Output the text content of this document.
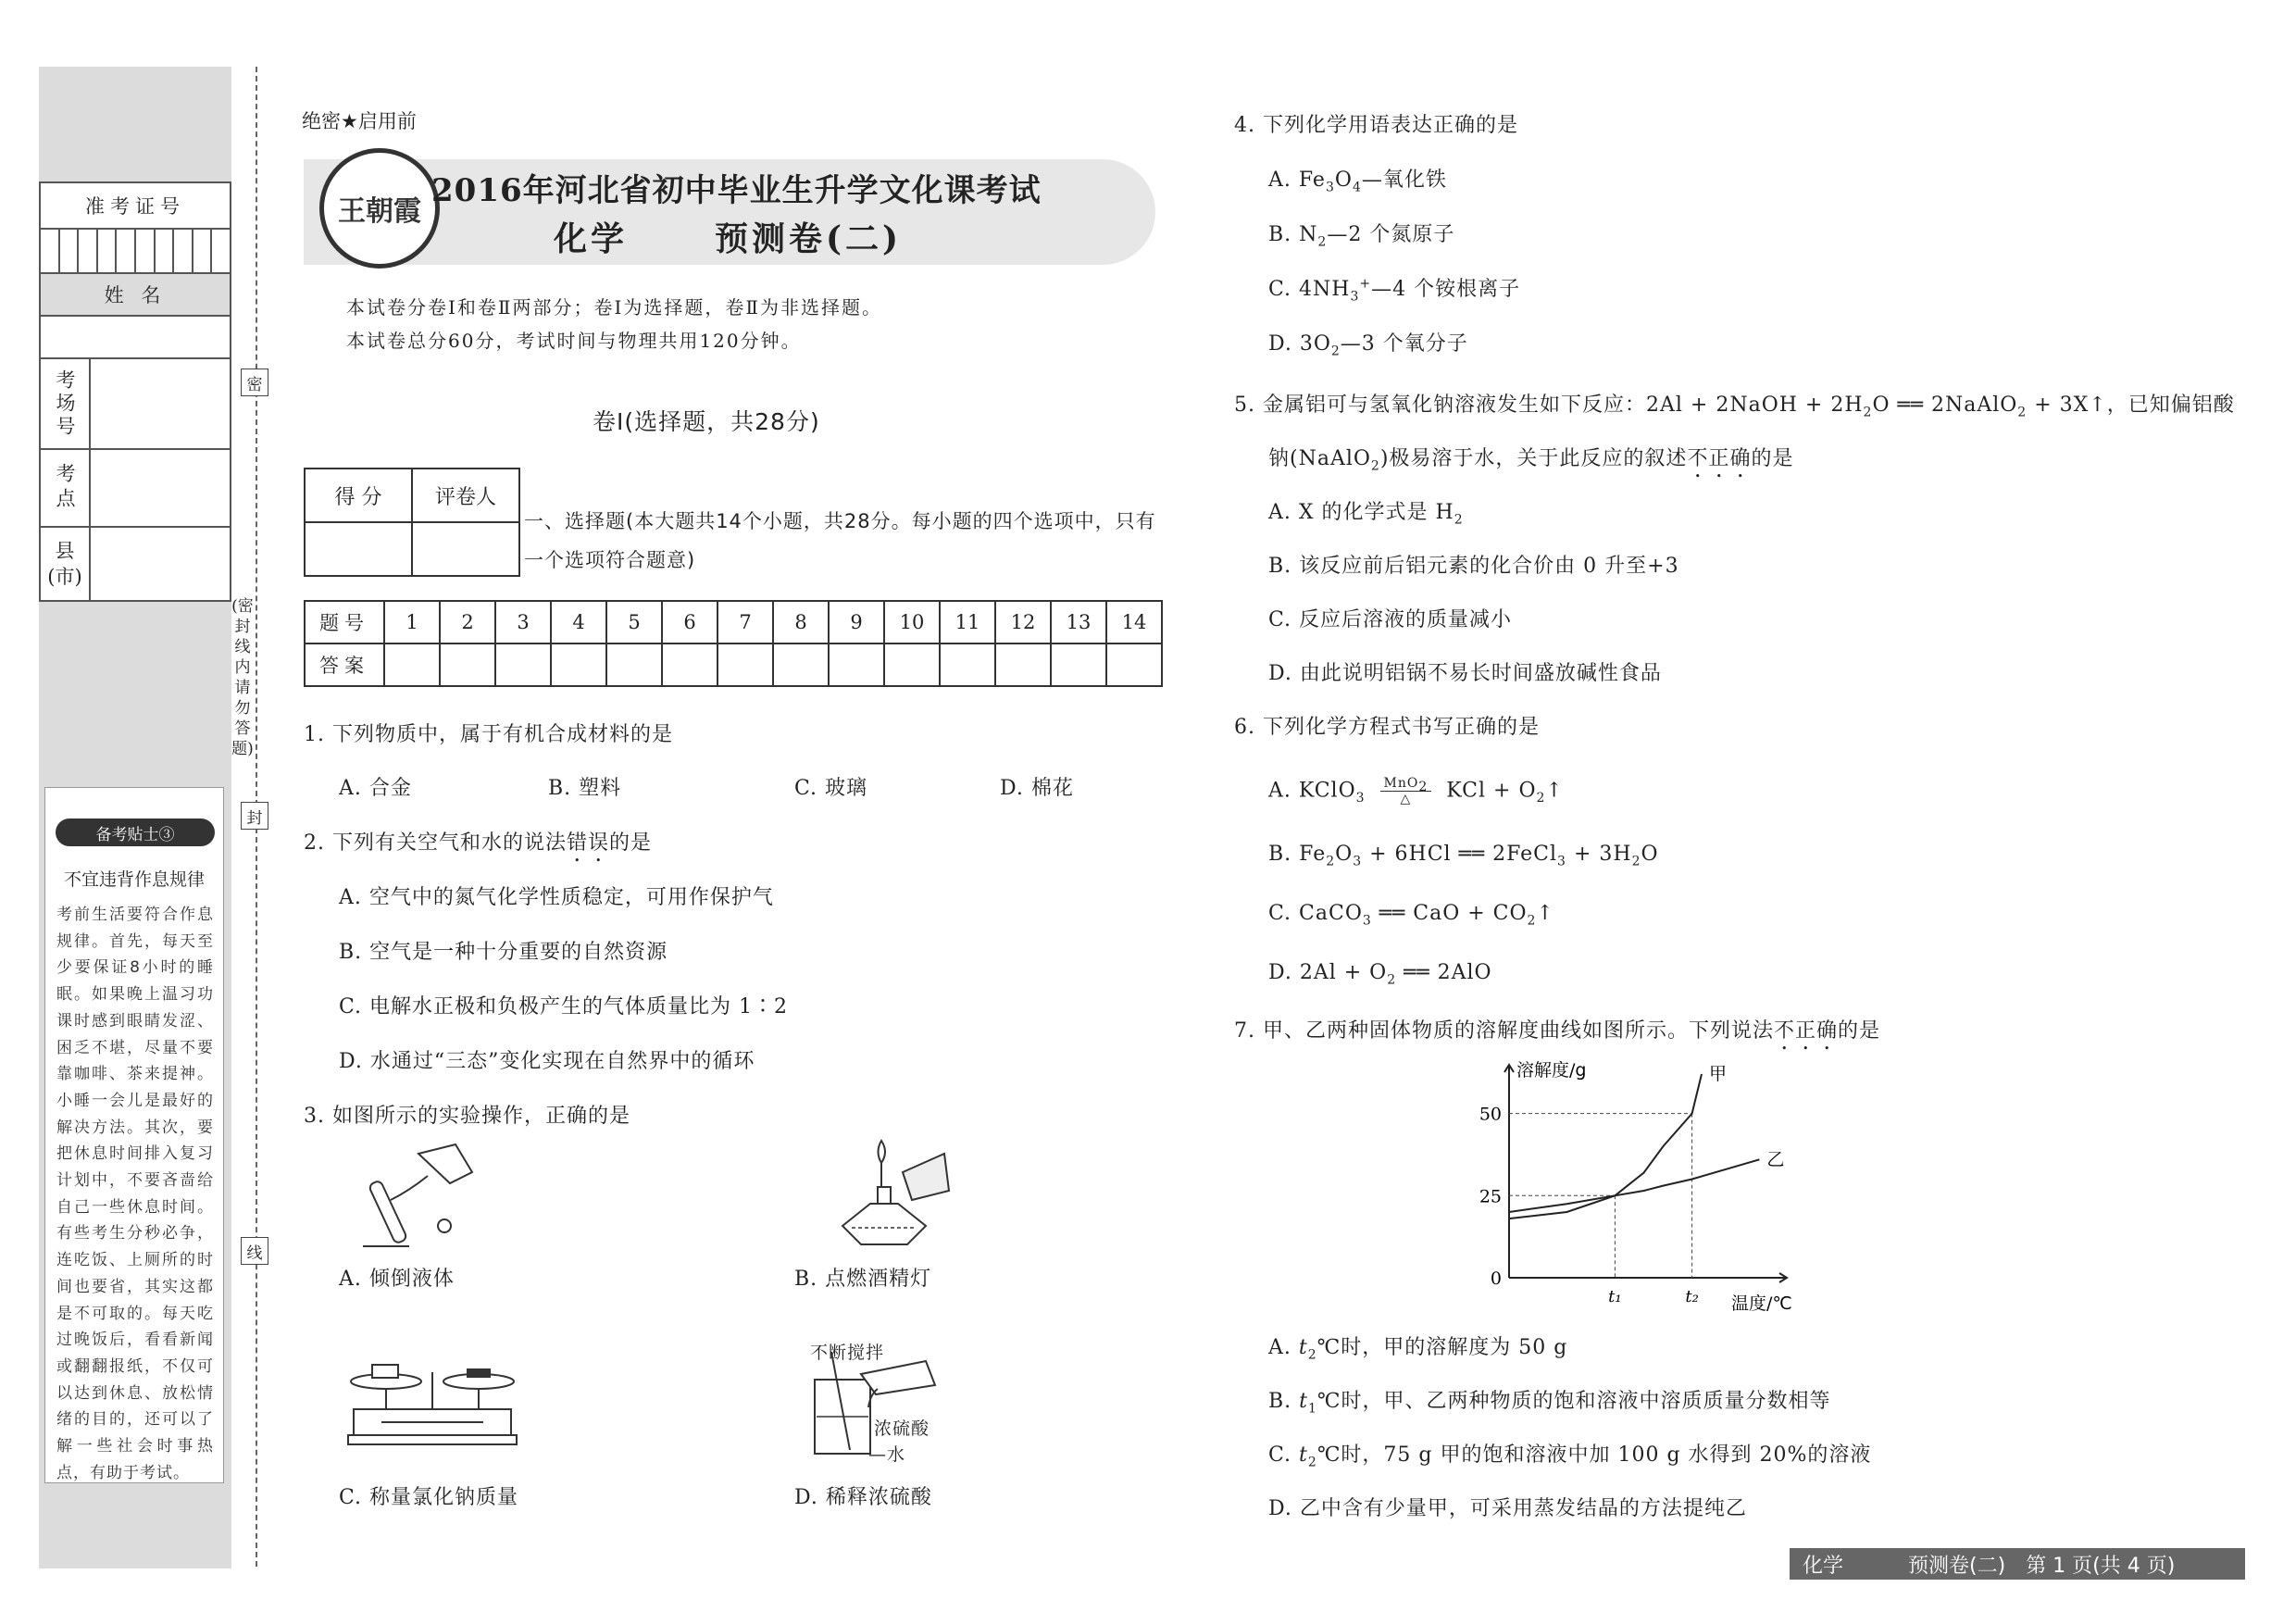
准考证号
姓 名
考场号
考点
县(市)
不宜违背作息规律
考前生活要符合作息规律。首先，每天至少要保证8小时的睡眠。如果晚上温习功课时感到眼睛发涩、困乏不堪，尽量不要靠咖啡、茶来提神。小睡一会儿是最好的解决方法。其次，要把休息时间排入复习计划中，不要吝啬给自己一些休息时间。有些考生分秒必争，连吃饭、上厕所的时间也要省，其实这都是不可取的。每天吃过晚饭后，看看新闻或翻翻报纸，不仅可以达到休息、放松情绪的目的，还可以了解一些社会时事热点，有助于考试。
备考贴士③
密
封
线
(密封线内请勿答题)
绝密★启用前
王朝霞
2016年河北省初中毕业生升学文化课考试
化学	预测卷(二)
本试卷分卷Ⅰ和卷Ⅱ两部分；卷Ⅰ为选择题，卷Ⅱ为非选择题。
本试卷总分60分，考试时间与物理共用120分钟。
卷Ⅰ(选择题，共28分)
得 分	评卷人

一、选择题(本大题共14个小题，共28分。每小题的四个选项中，只有一个选项符合题意)
题号	1	2	3	4	5	6	7	8	9	10	11	12	13	14
答案														
1. 下列物质中，属于有机合成材料的是
A. 合金	B. 塑料	C. 玻璃	D. 棉花
2. 下列有关空气和水的说法错误的是
A. 空气中的氮气化学性质稳定，可用作保护气
B. 空气是一种十分重要的自然资源
C. 电解水正极和负极产生的气体质量比为 1∶2
D. 水通过“三态”变化实现在自然界中的循环
3. 如图所示的实验操作，正确的是
A. 倾倒液体	B. 点燃酒精灯
不断搅拌
浓硫酸
—水
C. 称量氯化钠质量	D. 稀释浓硫酸
4. 下列化学用语表达正确的是
A. $Fe_3O_4—$氧化铁
B. $N_2—2$ 个氮原子
C. $4NH_3^+—4$ 个铵根离子
D. $3O_2—3$ 个氧分子
5. 金属铝可与氢氧化钠溶液发生如下反应：2Al + 2NaOH + $2H_2O$ ══ 2NaAlO$_2$ + 3X↑，已知偏铝酸
钠(NaAlO$_2$)极易溶于水，关于此反应的叙述不正确的是
A. X 的化学式是 $H_2$
B. 该反应前后铝元素的化合价由 0 升至+3
C. 反应后溶液的质量减小
D. 由此说明铝锅不易长时间盛放碱性食品
6. 下列化学方程式书写正确的是
A. KClO$_3$
MnO$_2$
△	KCl + $O_2↑$
B. $Fe_2O_3 + 6HCl$ ══ 2FeCl$_3$ + $3H_2O$
C. CaCO$_3$ ══ CaO + $CO_2↑$
D. $2Al + O_2$ ══ 2AlO
7. 甲、乙两种固体物质的溶解度曲线如图所示。下列说法不正确的是
甲
乙
0
25
50
t₁	t₂
溶解度/g
温度/℃
A. $t_2℃$时，甲的溶解度为 50 g
B. $t_1℃$时，甲、乙两种物质的饱和溶液中溶质质量分数相等
C. $t_2℃$时，75 g 甲的饱和溶液中加 100 g 水得到 20%的溶液
D. 乙中含有少量甲，可采用蒸发结晶的方法提纯乙
化学	预测卷(二) 第 1 页(共 4 页)
